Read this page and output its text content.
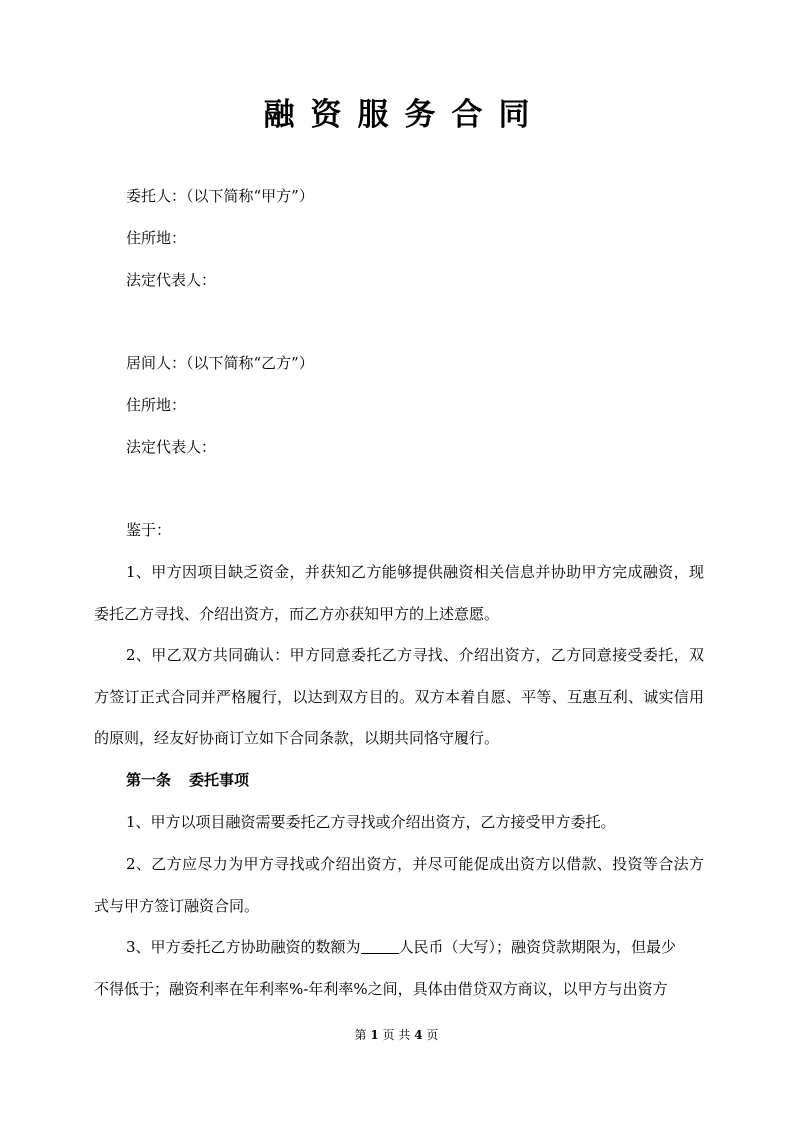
融资服务合同
委托人：（以下简称“甲方”）
住所地：
法定代表人：
居间人：（以下简称“乙方”）
住所地：
法定代表人：
鉴于：
1、甲方因项目缺乏资金，并获知乙方能够提供融资相关信息并协助甲方完成融资，现委托乙方寻找、介绍出资方，而乙方亦获知甲方的上述意愿。
2、甲乙双方共同确认：甲方同意委托乙方寻找、介绍出资方，乙方同意接受委托，双方签订正式合同并严格履行，以达到双方目的。双方本着自愿、平等、互惠互利、诚实信用的原则，经友好协商订立如下合同条款，以期共同恪守履行。
第一条 委托事项
1、甲方以项目融资需要委托乙方寻找或介绍出资方，乙方接受甲方委托。
2、乙方应尽力为甲方寻找或介绍出资方，并尽可能促成出资方以借款、投资等合法方式与甲方签订融资合同。
3、甲方委托乙方协助融资的数额为	人民币（大写）；融资贷款期限为，但最少
不得低于；融资利率在年利率%-年利率%之间，具体由借贷双方商议，以甲方与出资方
第 1 页 共 4 页
